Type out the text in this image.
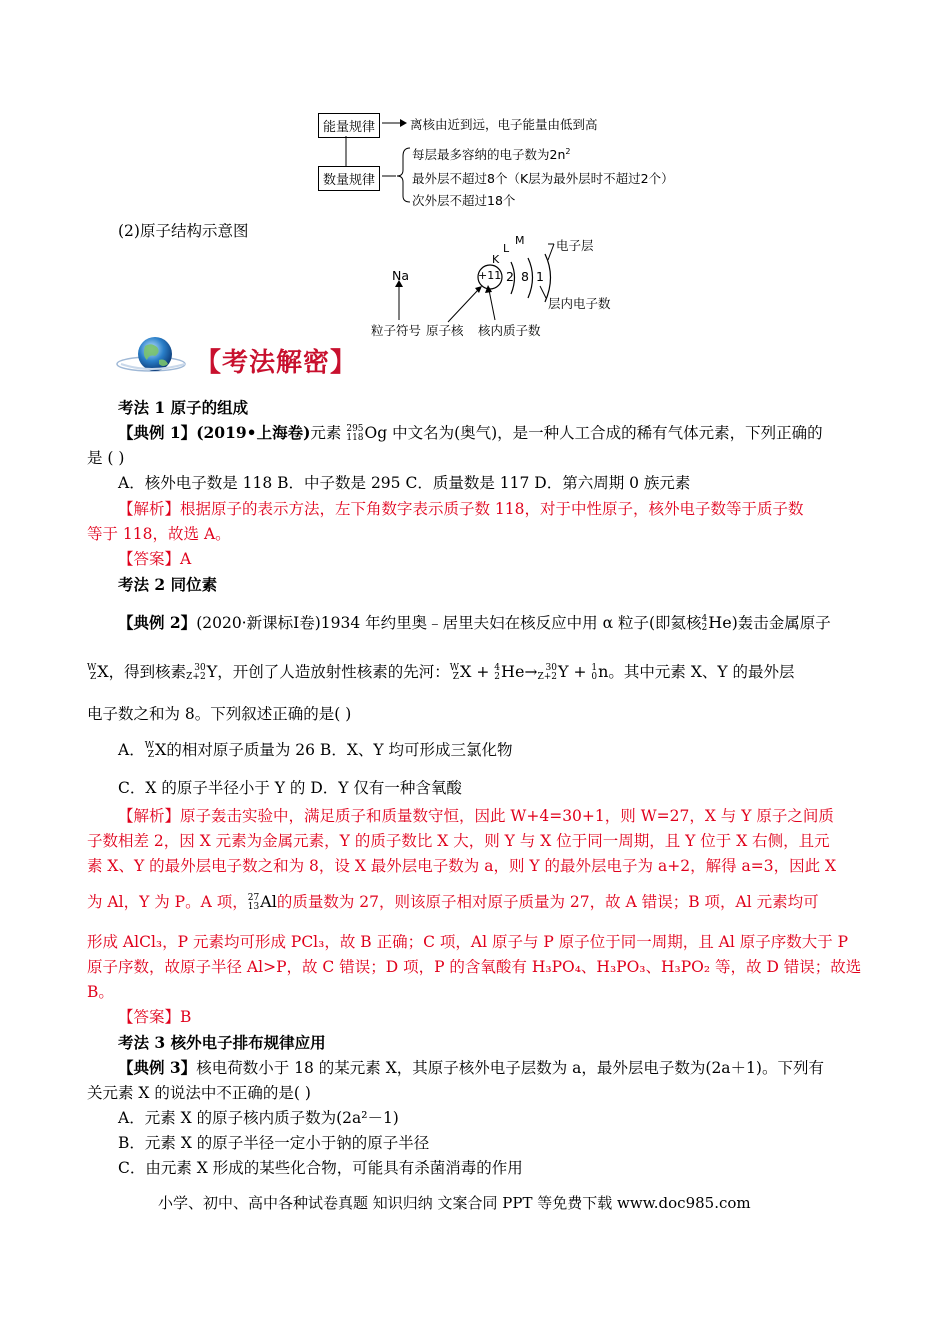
能量规律
数量规律
离核由近到远，电子能量由低到高
每层最多容纳的电子数为$2n^2$
最外层不超过8个（K层为最外层时不超过2个）
次外层不超过18个
(2)原子结构示意图
Na	+11 2 8 1
K
L
M	电子层
层内电子数
粒子符号 原子核 核内质子数
【考法解密】
考法 1 原子的组成
【典例 1】(2019•上海卷)元素 295
118 Og 中文名为(奥气)，是一种人工合成的稀有气体元素，下列正确的
是 ( )
A．核外电子数是 118 B．中子数是 295 C．质量数是 117 D．第六周期 0 族元素
【解析】根据原子的表示方法，左下角数字表示质子数 118，对于中性原子，核外电子数等于质子数
等于 118，故选 A。
【答案】A
考法 2 同位素
【典例 2】(2020·新课标Ⅰ卷)1934 年约里奥﹣居里夫妇在核反应中用 α 粒子(即氦核 4
2 He)轰击金属原子
W
Z X，得到核素 30
Z+2 Y，开创了人造放射性核素的先河： W
Z X + 4
2 He→ 30
Z+2 Y + 1
0 n。其中元素 X、Y 的最外层
电子数之和为 8。下列叙述正确的是( )
A． W
Z X的相对原子质量为 26 B．X、Y 均可形成三氯化物
C．X 的原子半径小于 Y 的 D．Y 仅有一种含氧酸
【解析】原子轰击实验中，满足质子和质量数守恒，因此 W+4=30+1，则 W=27，X 与 Y 原子之间质
子数相差 2，因 X 元素为金属元素，Y 的质子数比 X 大，则 Y 与 X 位于同一周期，且 Y 位于 X 右侧，且元
素 X、Y 的最外层电子数之和为 8，设 X 最外层电子数为 a，则 Y 的最外层电子为 a+2，解得 a=3，因此 X
为 Al，Y 为 P。A 项， 27
13 Al的质量数为 27，则该原子相对原子质量为 27，故 A 错误；B 项，Al 元素均可
形成 AlCl₃，P 元素均可形成 PCl₃，故 B 正确；C 项，Al 原子与 P 原子位于同一周期，且 Al 原子序数大于 P
原子序数，故原子半径 Al>P，故 C 错误；D 项，P 的含氧酸有 H₃PO₄、H₃PO₃、H₃PO₂ 等，故 D 错误；故选
B。
【答案】B
考法 3 核外电子排布规律应用
【典例 3】核电荷数小于 18 的某元素 X，其原子核外电子层数为 a，最外层电子数为(2a＋1)。下列有
关元素 X 的说法中不正确的是( )
A．元素 X 的原子核内质子数为(2a²－1)
B．元素 X 的原子半径一定小于钠的原子半径
C．由元素 X 形成的某些化合物，可能具有杀菌消毒的作用
小学、初中、高中各种试卷真题 知识归纳 文案合同 PPT 等免费下载 www.doc985.com
